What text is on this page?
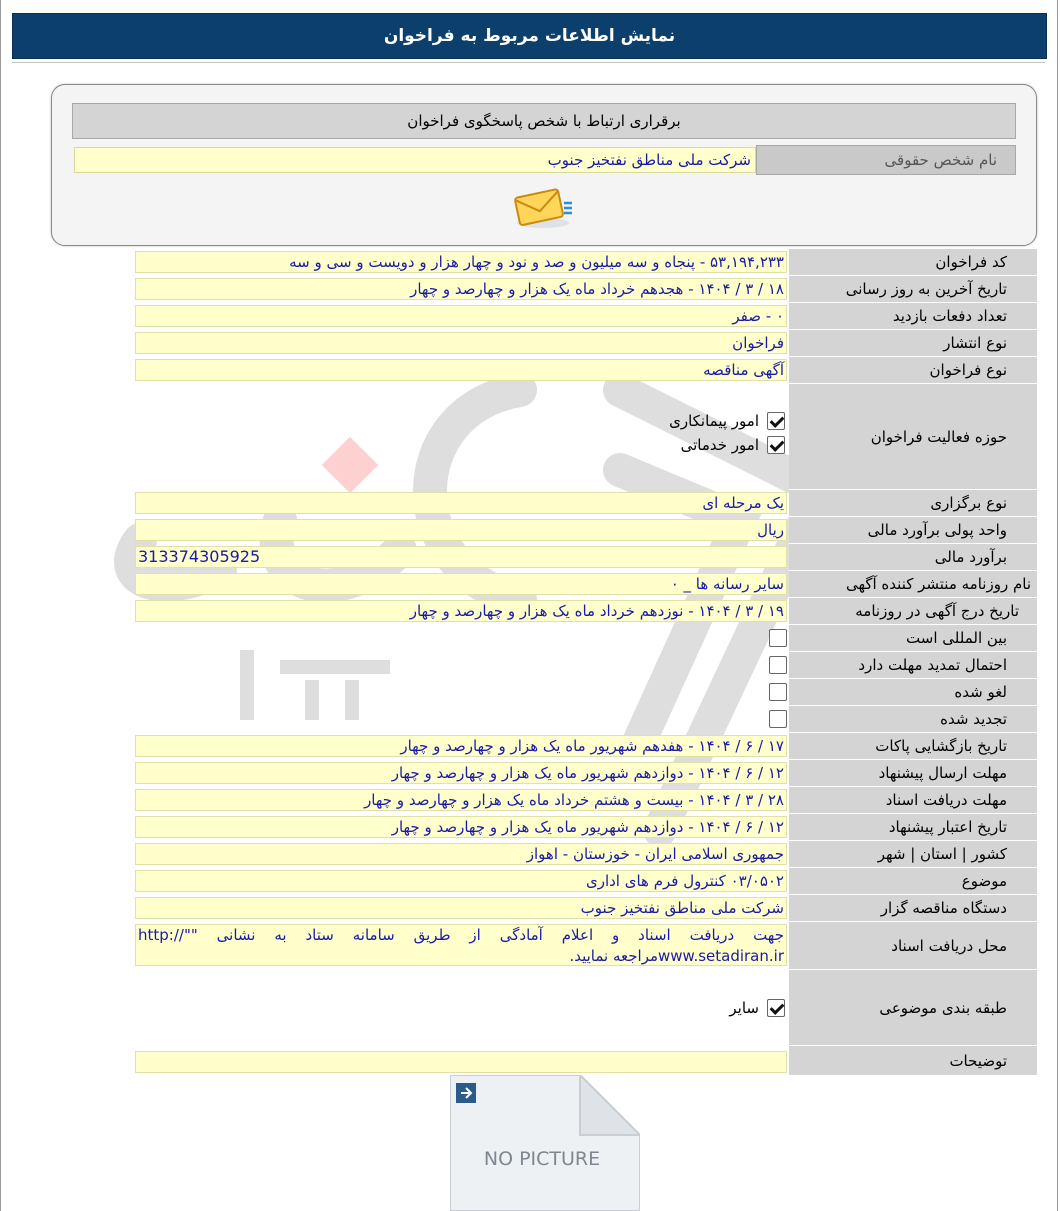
نمایش اطلاعات مربوط به فراخوان
برقراری ارتباط با شخص پاسخگوی فراخوان
نام شخص حقوقی
شرکت ملی مناطق نفتخیز جنوب
کد فراخوان
۵۳,۱۹۴,۲۳۳ - پنجاه و سه میلیون و صد و نود و چهار هزار و دویست و سی و سه
تاریخ آخرین به روز رسانی
۱۸ / ۳ / ۱۴۰۴ - هجدهم خرداد ماه یک هزار و چهارصد و چهار
تعداد دفعات بازدید
۰ - صفر
نوع انتشار
فراخوان
نوع فراخوان
آگهی مناقصه
حوزه فعالیت فراخوان
امور پیمانکاری
امور خدماتی
نوع برگزاری
یک مرحله ای
واحد پولی برآورد مالی
ریال
برآورد مالی
313374305925
نام روزنامه منتشر کننده آگهی
سایر رسانه ها _ ۰
تاریخ درج آگهی در روزنامه
۱۹ / ۳ / ۱۴۰۴ - نوزدهم خرداد ماه یک هزار و چهارصد و چهار
بین المللی است
احتمال تمدید مهلت دارد
لغو شده
تجدید شده
تاریخ بازگشایی پاکات
۱۷ / ۶ / ۱۴۰۴ - هفدهم شهریور ماه یک هزار و چهارصد و چهار
مهلت ارسال پیشنهاد
۱۲ / ۶ / ۱۴۰۴ - دوازدهم شهریور ماه یک هزار و چهارصد و چهار
مهلت دریافت اسناد
۲۸ / ۳ / ۱۴۰۴ - بیست و هشتم خرداد ماه یک هزار و چهارصد و چهار
تاریخ اعتبار پیشنهاد
۱۲ / ۶ / ۱۴۰۴ - دوازدهم شهریور ماه یک هزار و چهارصد و چهار
کشور | استان | شهر
جمهوری اسلامی ایران - خوزستان - اهواز
موضوع
۰۳/۰۵۰۲ کنترول فرم های اداری
دستگاه مناقصه گزار
شرکت ملی مناطق نفتخیز جنوب
محل دریافت اسناد
جهت دریافت اسناد و اعلام آمادگی از طریق سامانه ستاد به نشانی ""http:// www.setadiran.irمراجعه نمایید.
طبقه بندی موضوعی
سایر
توضیحات
NO PICTURE
